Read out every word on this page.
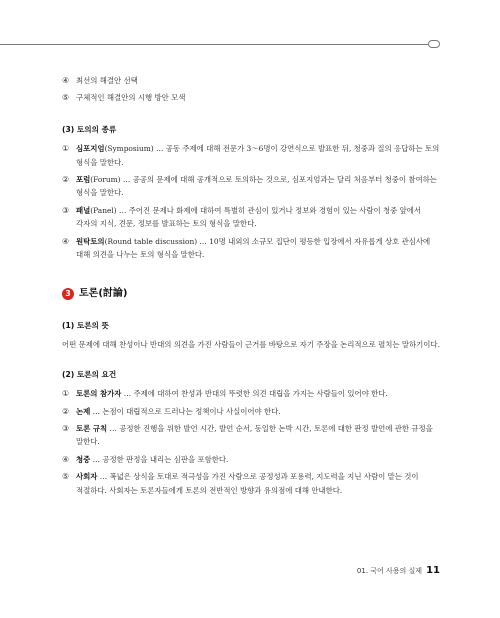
④ 최선의 해결안 선택
⑤ 구체적인 해결안의 시행 방안 모색
(3) 토의의 종류
① 심포지엄(Symposium) … 공동 주제에 대해 전문가 3～6명이 강연식으로 발표한 뒤, 청중과 질의 응답하는 토의 형식을 말한다.
② 포럼(Forum) … 공공의 문제에 대해 공개적으로 토의하는 것으로, 심포지엄과는 달리 처음부터 청중이 참여하는 형식을 말한다.
③ 패널(Panel) … 주어진 문제나 화제에 대하여 특별히 관심이 있거나 정보와 경험이 있는 사람이 청중 앞에서 각자의 지식, 견문, 정보를 발표하는 토의 형식을 말한다.
④ 원탁토의(Round table discussion) … 10명 내외의 소규모 집단이 평등한 입장에서 자유롭게 상호 관심사에 대해 의견을 나누는 토의 형식을 말한다.
3 토론(討論)
(1) 토론의 뜻
어떤 문제에 대해 찬성이나 반대의 의견을 가진 사람들이 근거를 바탕으로 자기 주장을 논리적으로 펼치는 말하기이다.
(2) 토론의 요건
① 토론의 참가자 … 주제에 대하여 찬성과 반대의 뚜렷한 의견 대립을 가지는 사람들이 있어야 한다.
② 논제 … 논점이 대립적으로 드러나는 정책이나 사실이어야 한다.
③ 토론 규칙 … 공정한 진행을 위한 발언 시간, 발언 순서, 동일한 논박 시간, 토론에 대한 판정 발언에 관한 규정을 말한다.
④ 청중 … 공정한 판정을 내리는 심판을 포함한다.
⑤ 사회자 … 폭넓은 상식을 토대로 적극성을 가진 사람으로 공정성과 포용력, 지도력을 지닌 사람이 맡는 것이 적절하다. 사회자는 토론자들에게 토론의 전반적인 방향과 유의점에 대해 안내한다.
01. 국어 사용의 실제 11
